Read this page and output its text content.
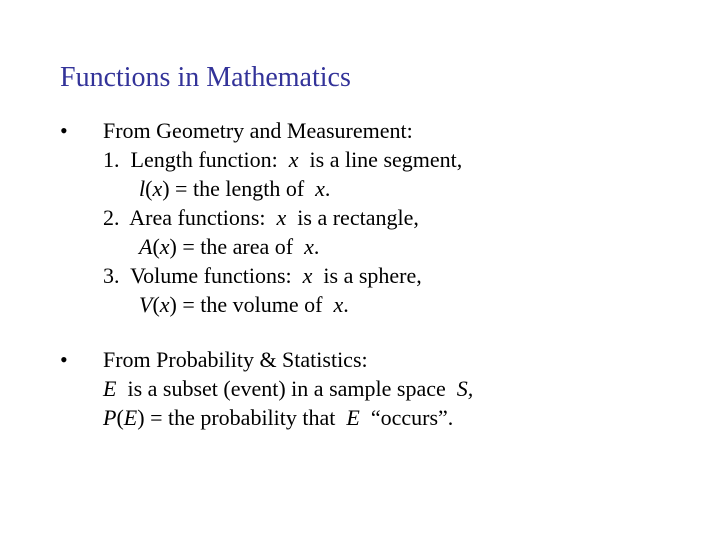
Functions in Mathematics
• From Geometry and Measurement:
1. Length function: x is a line segment,
l(x) = the length of x.
2. Area functions: x is a rectangle,
A(x) = the area of x.
3. Volume functions: x is a sphere,
V(x) = the volume of x.
• From Probability & Statistics:
E is a subset (event) in a sample space S,
P(E) = the probability that E “occurs”.
